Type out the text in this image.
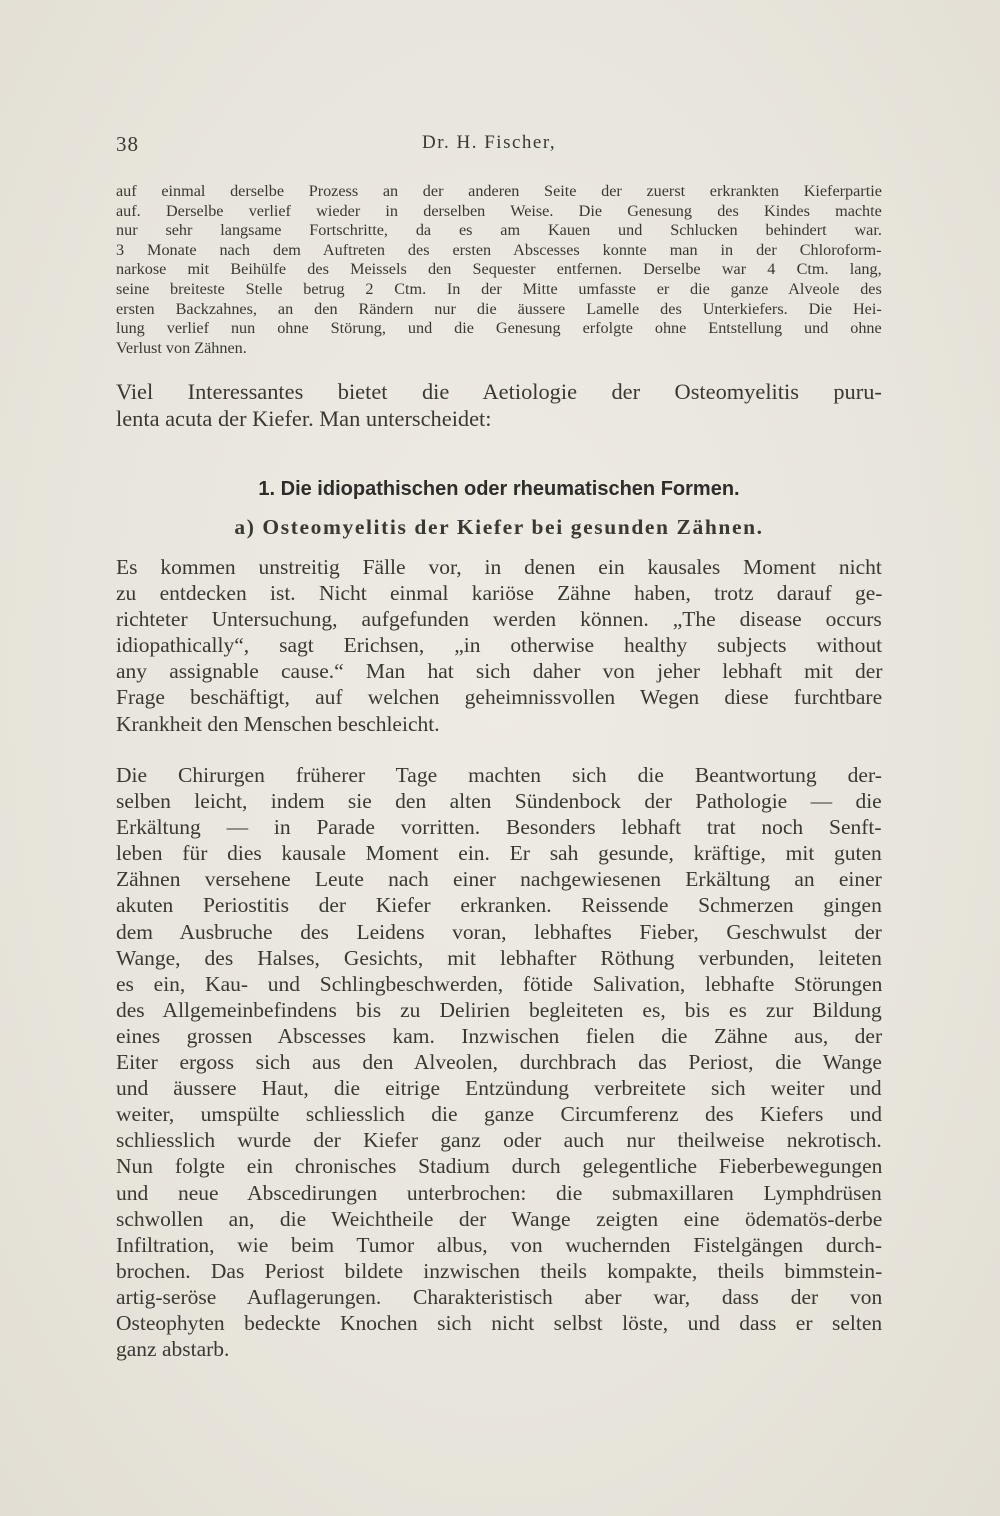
38	Dr. H. Fischer,
auf einmal derselbe Prozess an der anderen Seite der zuerst erkrankten Kieferpartie
auf. Derselbe verlief wieder in derselben Weise. Die Genesung des Kindes machte
nur sehr langsame Fortschritte, da es am Kauen und Schlucken behindert war.
3 Monate nach dem Auftreten des ersten Abscesses konnte man in der Chloroform-
narkose mit Beihülfe des Meissels den Sequester entfernen. Derselbe war 4 Ctm. lang,
seine breiteste Stelle betrug 2 Ctm. In der Mitte umfasste er die ganze Alveole des
ersten Backzahnes, an den Rändern nur die äussere Lamelle des Unterkiefers. Die Hei-
lung verlief nun ohne Störung, und die Genesung erfolgte ohne Entstellung und ohne
Verlust von Zähnen.
Viel Interessantes bietet die Aetiologie der Osteomyelitis puru-
lenta acuta der Kiefer. Man unterscheidet:
1. Die idiopathischen oder rheumatischen Formen.
a) Osteomyelitis der Kiefer bei gesunden Zähnen.
Es kommen unstreitig Fälle vor, in denen ein kausales Moment nicht
zu entdecken ist. Nicht einmal kariöse Zähne haben, trotz darauf ge-
richteter Untersuchung, aufgefunden werden können. „The disease occurs
idiopathically“, sagt Erichsen, „in otherwise healthy subjects without
any assignable cause.“ Man hat sich daher von jeher lebhaft mit der
Frage beschäftigt, auf welchen geheimnissvollen Wegen diese furchtbare
Krankheit den Menschen beschleicht.
Die Chirurgen früherer Tage machten sich die Beantwortung der-
selben leicht, indem sie den alten Sündenbock der Pathologie — die
Erkältung — in Parade vorritten. Besonders lebhaft trat noch Senft-
leben für dies kausale Moment ein. Er sah gesunde, kräftige, mit guten
Zähnen versehene Leute nach einer nachgewiesenen Erkältung an einer
akuten Periostitis der Kiefer erkranken. Reissende Schmerzen gingen
dem Ausbruche des Leidens voran, lebhaftes Fieber, Geschwulst der
Wange, des Halses, Gesichts, mit lebhafter Röthung verbunden, leiteten
es ein, Kau- und Schlingbeschwerden, fötide Salivation, lebhafte Störungen
des Allgemeinbefindens bis zu Delirien begleiteten es, bis es zur Bildung
eines grossen Abscesses kam. Inzwischen fielen die Zähne aus, der
Eiter ergoss sich aus den Alveolen, durchbrach das Periost, die Wange
und äussere Haut, die eitrige Entzündung verbreitete sich weiter und
weiter, umspülte schliesslich die ganze Circumferenz des Kiefers und
schliesslich wurde der Kiefer ganz oder auch nur theilweise nekrotisch.
Nun folgte ein chronisches Stadium durch gelegentliche Fieberbewegungen
und neue Abscedirungen unterbrochen: die submaxillaren Lymphdrüsen
schwollen an, die Weichtheile der Wange zeigten eine ödematös-derbe
Infiltration, wie beim Tumor albus, von wuchernden Fistelgängen durch-
brochen. Das Periost bildete inzwischen theils kompakte, theils bimmstein-
artig-seröse Auflagerungen. Charakteristisch aber war, dass der von
Osteophyten bedeckte Knochen sich nicht selbst löste, und dass er selten
ganz abstarb.
